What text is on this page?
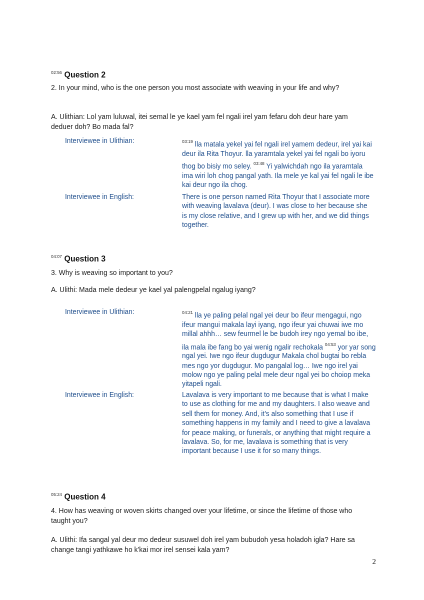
$^{02:56}$ Question 2

2. In your mind, who is the one person you most associate with weaving in your life and why?

A. Ulithian: Lol yam luluwal, itei semal le ye kael yam fel ngali irel yam fefaru doh deur hare yam deduer doh? Bo mada fal?

Interviewee in Ulithian:	$^{03:19}$ lla matala yekel yai fel ngali irel yamem dedeur, irel yai kai deur ila Rita Thoyur. lla yaramtala yekel yai fel ngali bo iyoru thog bo bisiy mo seley. $^{03:48}$ Yi yalwichdah ngo ila yaramtala ima wiri loh chog pangal yath. Ila mele ye kal yai fel ngali le ibe kai deur ngo ila chog.

Interviewee in English:	There is one person named Rita Thoyur that I associate more with weaving lavalava (deur). I was close to her because she is my close relative, and I grew up with her, and we did things together.

$^{04:07}$ Question 3

3. Why is weaving so important to you?

A. Ulithi: Mada mele dedeur ye kael yal palengpelal ngalug iyang?

Interviewee in Ulithian:	$^{04:21}$ lla ye paling pelal ngal yei deur bo ifeur mengagui, ngo ifeur mangui makala layi iyang, ngo ifeur yai chuwai iwe mo millal ahhh… sew feurmel le be budoh irey ngo yemal bo ibe, ila mala ibe fang bo yai wenig ngalir rechokala $^{04:53}$ yor yar song ngal yei. Iwe ngo ifeur dugdugur Makala chol bugtai bo rebla mes ngo yor dugdugur. Mo pangalal log… Iwe ngo irel yai molow ngo ye paling pelal mele deur ngal yei bo choiop meka yitapeli ngali.

Interviewee in English:	Lavalava is very important to me because that is what I make to use as clothing for me and my daughters. I also weave and sell them for money. And, it's also something that I use if something happens in my family and I need to give a lavalava for peace making, or funerals, or anything that might require a lavalava. So, for me, lavalava is something that is very important because I use it for so many things.

$^{05:24}$ Question 4

4. How has weaving or woven skirts changed over your lifetime, or since the lifetime of those who taught you?

A. Ulithi: Ifa sangal yal deur mo dedeur susuwel doh irel yam bubudoh yesa holadoh igla? Hare sa change tangi yathkawe ho k'kai mor irel sensei kala yam?

2
